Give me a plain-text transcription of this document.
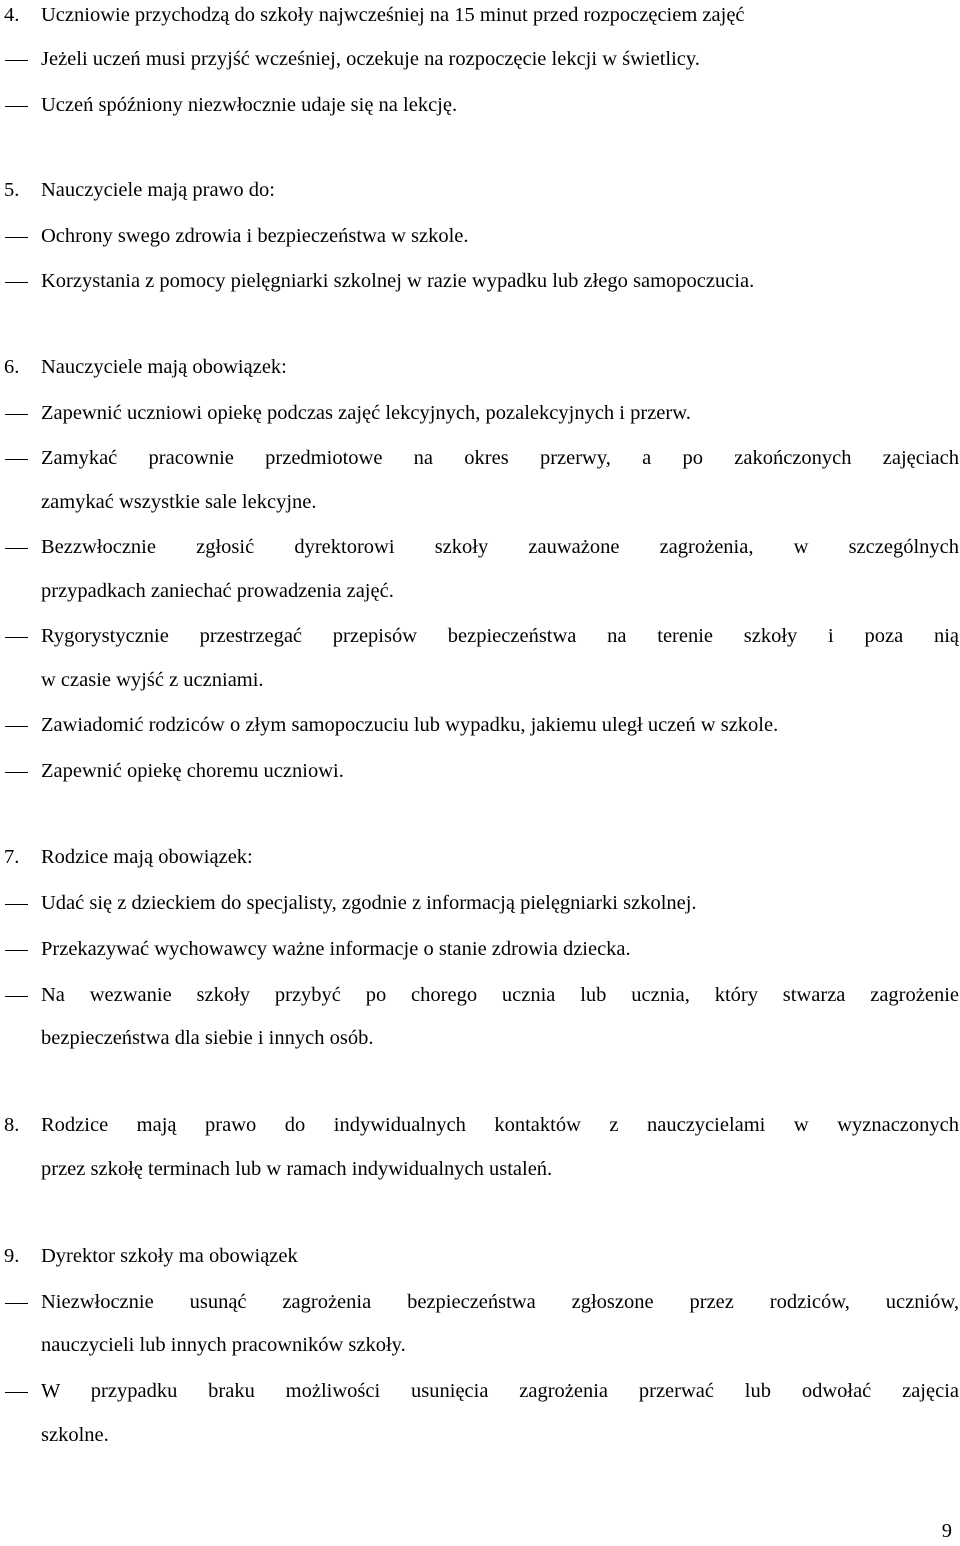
4. Uczniowie przychodzą do szkoły najwcześniej na 15 minut przed rozpoczęciem zajęć
Jeżeli uczeń musi przyjść wcześniej, oczekuje na rozpoczęcie lekcji w świetlicy.
Uczeń spóźniony niezwłocznie udaje się na lekcję.
5. Nauczyciele mają prawo do:
Ochrony swego zdrowia i bezpieczeństwa w szkole.
Korzystania z pomocy pielęgniarki szkolnej w razie wypadku lub złego samopoczucia.
6. Nauczyciele mają obowiązek:
Zapewnić uczniowi opiekę podczas zajęć lekcyjnych, pozalekcyjnych i przerw.
Zamykać pracownie przedmiotowe na okres przerwy, a po zakończonych zajęciach
zamykać wszystkie sale lekcyjne.
Bezzwłocznie zgłosić dyrektorowi szkoły zauważone zagrożenia, w szczególnych
przypadkach zaniechać prowadzenia zajęć.
Rygorystycznie przestrzegać przepisów bezpieczeństwa na terenie szkoły i poza nią
w czasie wyjść z uczniami.
Zawiadomić rodziców o złym samopoczuciu lub wypadku, jakiemu uległ uczeń w szkole.
Zapewnić opiekę choremu uczniowi.
7. Rodzice mają obowiązek:
Udać się z dzieckiem do specjalisty, zgodnie z informacją pielęgniarki szkolnej.
Przekazywać wychowawcy ważne informacje o stanie zdrowia dziecka.
Na wezwanie szkoły przybyć po chorego ucznia lub ucznia, który stwarza zagrożenie
bezpieczeństwa dla siebie i innych osób.
8. Rodzice mają prawo do indywidualnych kontaktów z nauczycielami w wyznaczonych
przez szkołę terminach lub w ramach indywidualnych ustaleń.
9. Dyrektor szkoły ma obowiązek
Niezwłocznie usunąć zagrożenia bezpieczeństwa zgłoszone przez rodziców, uczniów,
nauczycieli lub innych pracowników szkoły.
W przypadku braku możliwości usunięcia zagrożenia przerwać lub odwołać zajęcia
szkolne.
9
